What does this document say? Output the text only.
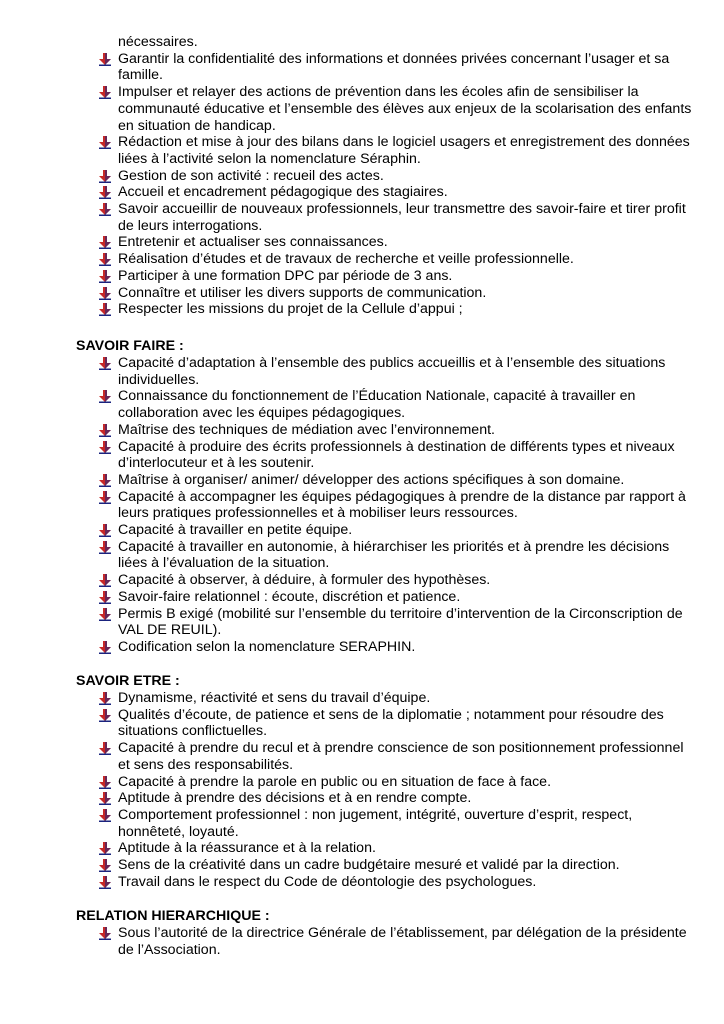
nécessaires.
Garantir la confidentialité des informations et données privées concernant l’usager et sa famille.
Impulser et relayer des actions de prévention dans les écoles afin de sensibiliser la communauté éducative et l’ensemble des élèves aux enjeux de la scolarisation des enfants en situation de handicap.
Rédaction et mise à jour des bilans dans le logiciel usagers et enregistrement des données liées à l’activité selon la nomenclature Séraphin.
Gestion de son activité : recueil des actes.
Accueil et encadrement pédagogique des stagiaires.
Savoir accueillir de nouveaux professionnels, leur transmettre des savoir-faire et tirer profit de leurs interrogations.
Entretenir et actualiser ses connaissances.
Réalisation d’études et de travaux de recherche et veille professionnelle.
Participer à une formation DPC par période de 3 ans.
Connaître et utiliser les divers supports de communication.
Respecter les missions du projet de la Cellule d’appui ;
SAVOIR FAIRE :
Capacité d’adaptation à l’ensemble des publics accueillis et à l’ensemble des situations individuelles.
Connaissance du fonctionnement de l’Éducation Nationale, capacité à travailler en collaboration avec les équipes pédagogiques.
Maîtrise des techniques de médiation avec l’environnement.
Capacité à produire des écrits professionnels à destination de différents types et niveaux d’interlocuteur et à les soutenir.
Maîtrise à organiser/ animer/ développer des actions spécifiques à son domaine.
Capacité à accompagner les équipes pédagogiques à prendre de la distance par rapport à leurs pratiques professionnelles et à mobiliser leurs ressources.
Capacité à travailler en petite équipe.
Capacité à travailler en autonomie, à hiérarchiser les priorités et à prendre les décisions liées à l’évaluation de la situation.
Capacité à observer, à déduire, à formuler des hypothèses.
Savoir-faire relationnel : écoute, discrétion et patience.
Permis B exigé (mobilité sur l’ensemble du territoire d’intervention de la Circonscription de VAL DE REUIL).
Codification selon la nomenclature SERAPHIN.
SAVOIR ETRE :
Dynamisme, réactivité et sens du travail d’équipe.
Qualités d’écoute, de patience et sens de la diplomatie ; notamment pour résoudre des situations conflictuelles.
Capacité à prendre du recul et à prendre conscience de son positionnement professionnel et sens des responsabilités.
Capacité à prendre la parole en public ou en situation de face à face.
Aptitude à prendre des décisions et à en rendre compte.
Comportement professionnel : non jugement, intégrité, ouverture d’esprit, respect, honnêteté, loyauté.
Aptitude à la réassurance et à la relation.
Sens de la créativité dans un cadre budgétaire mesuré et validé par la direction.
Travail dans le respect du Code de déontologie des psychologues.
RELATION HIERARCHIQUE :
Sous l’autorité de la directrice Générale de l’établissement, par délégation de la présidente de l’Association.
